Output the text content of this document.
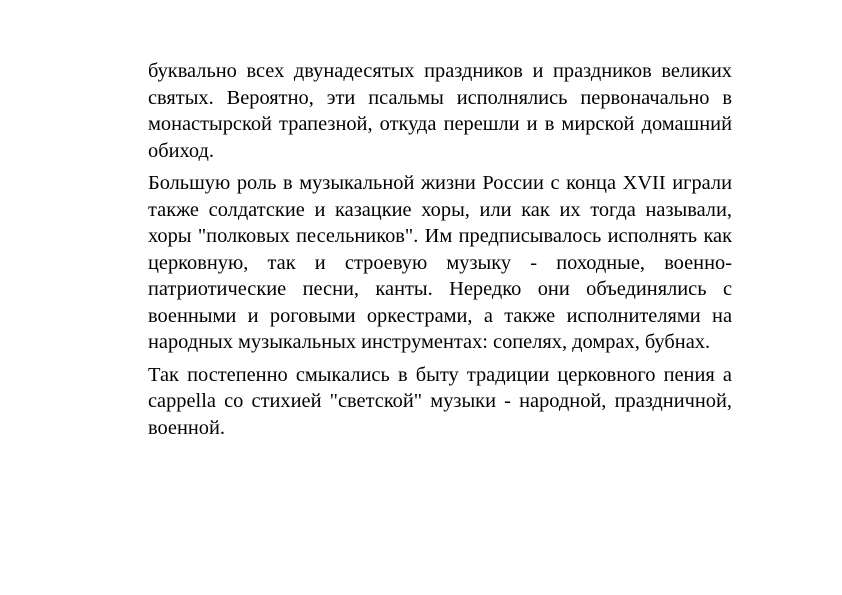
буквально всех двунадесятых праздников и праздников великих святых. Вероятно, эти псальмы исполнялись первоначально в монастырской трапезной, откуда перешли и в мирской домашний обиход.

Большую роль в музыкальной жизни России с конца XVII играли также солдатские и казацкие хоры, или как их тогда называли, хоры "полковых песельников". Им предписывалось исполнять как церковную, так и строевую музыку - походные, военно-патриотические песни, канты. Нередко они объединялись с военными и роговыми оркестрами, а также исполнителями на народных музыкальных инструментах: сопелях, домрах, бубнах.

Так постепенно смыкались в быту традиции церковного пения a cappella со стихией "светской" музыки - народной, праздничной, военной.
